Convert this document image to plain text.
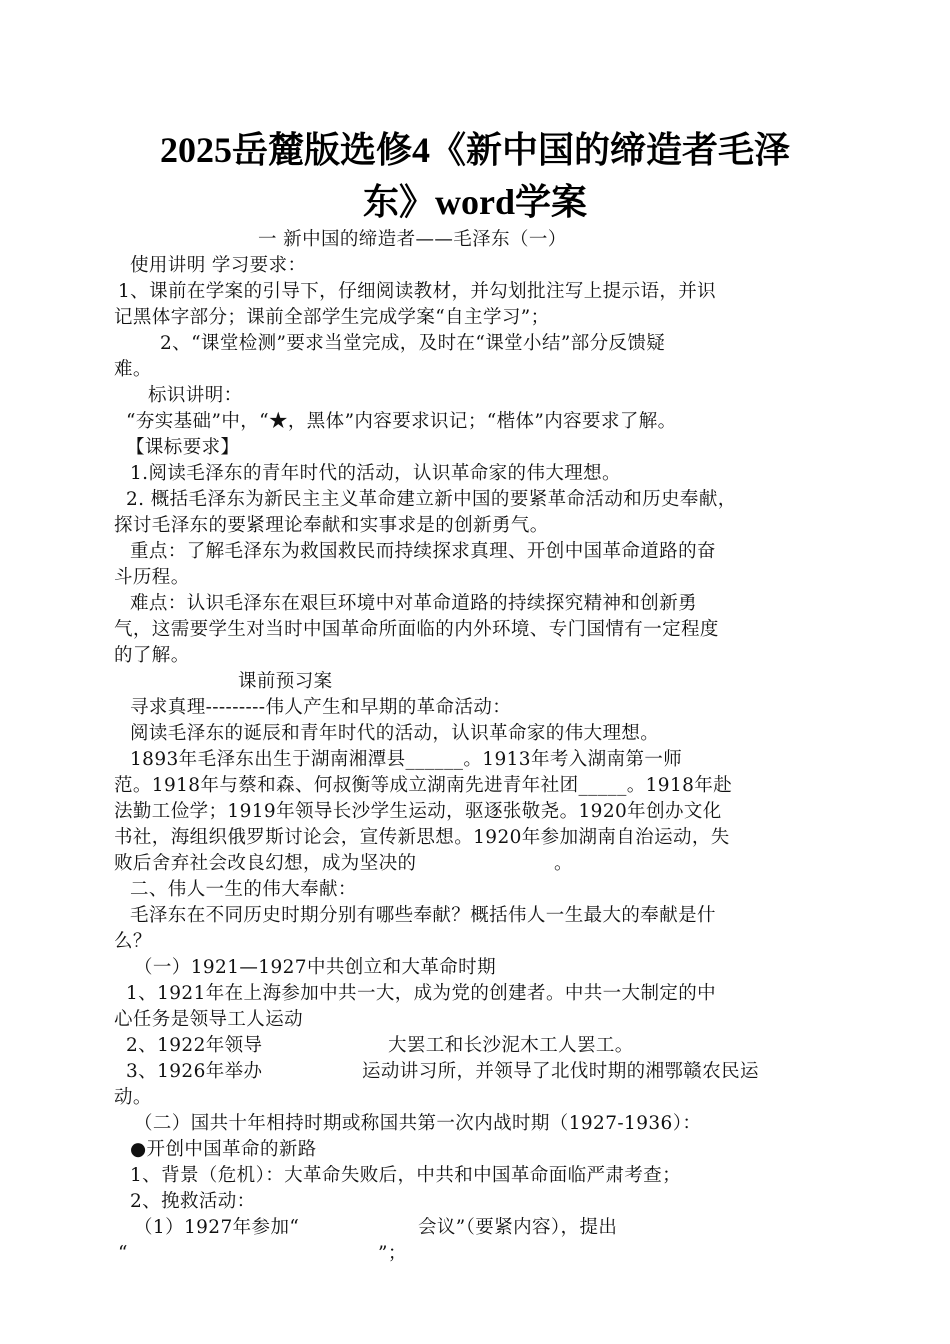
2025岳麓版选修4《新中国的缔造者毛泽
东》word学案
一 新中国的缔造者——毛泽东（一）
使用讲明 学习要求：
1、课前在学案的引导下，仔细阅读教材，并勾划批注写上提示语，并识
记黑体字部分；课前全部学生完成学案“自主学习”；
2、“课堂检测”要求当堂完成，及时在“课堂小结”部分反馈疑
难。
标识讲明：
“夯实基础”中，“★，黑体”内容要求识记；“楷体”内容要求了解。
【课标要求】
1.阅读毛泽东的青年时代的活动，认识革命家的伟大理想。
2. 概括毛泽东为新民主主义革命建立新中国的要紧革命活动和历史奉献，
探讨毛泽东的要紧理论奉献和实事求是的创新勇气。
重点：了解毛泽东为救国救民而持续探求真理、开创中国革命道路的奋
斗历程。
难点：认识毛泽东在艰巨环境中对革命道路的持续探究精神和创新勇
气，这需要学生对当时中国革命所面临的内外环境、专门国情有一定程度
的了解。
课前预习案
寻求真理---------伟人产生和早期的革命活动：
阅读毛泽东的诞辰和青年时代的活动，认识革命家的伟大理想。
1893年毛泽东出生于湖南湘潭县______。1913年考入湖南第一师
范。1918年与蔡和森、何叔衡等成立湖南先进青年社团_____。1918年赴
法勤工俭学；1919年领导长沙学生运动，驱逐张敬尧。1920年创办文化
书社，海组织俄罗斯讨论会，宣传新思想。1920年参加湖南自治运动，失
败后舍弃社会改良幻想，成为坚决的	。
二、伟人一生的伟大奉献：
毛泽东在不同历史时期分别有哪些奉献？概括伟人一生最大的奉献是什
么？
（一）1921—1927中共创立和大革命时期
1、1921年在上海参加中共一大，成为党的创建者。中共一大制定的中
心任务是领导工人运动
2、1922年领导	大罢工和长沙泥木工人罢工。
3、1926年举办	运动讲习所，并领导了北伐时期的湘鄂赣农民运
动。
（二）国共十年相持时期或称国共第一次内战时期（1927-1936）：
●开创中国革命的新路
1、背景（危机）：大革命失败后，中共和中国革命面临严肃考查；
2、挽救活动：
（1）1927年参加“	会议”（要紧内容），提出
“	”；
